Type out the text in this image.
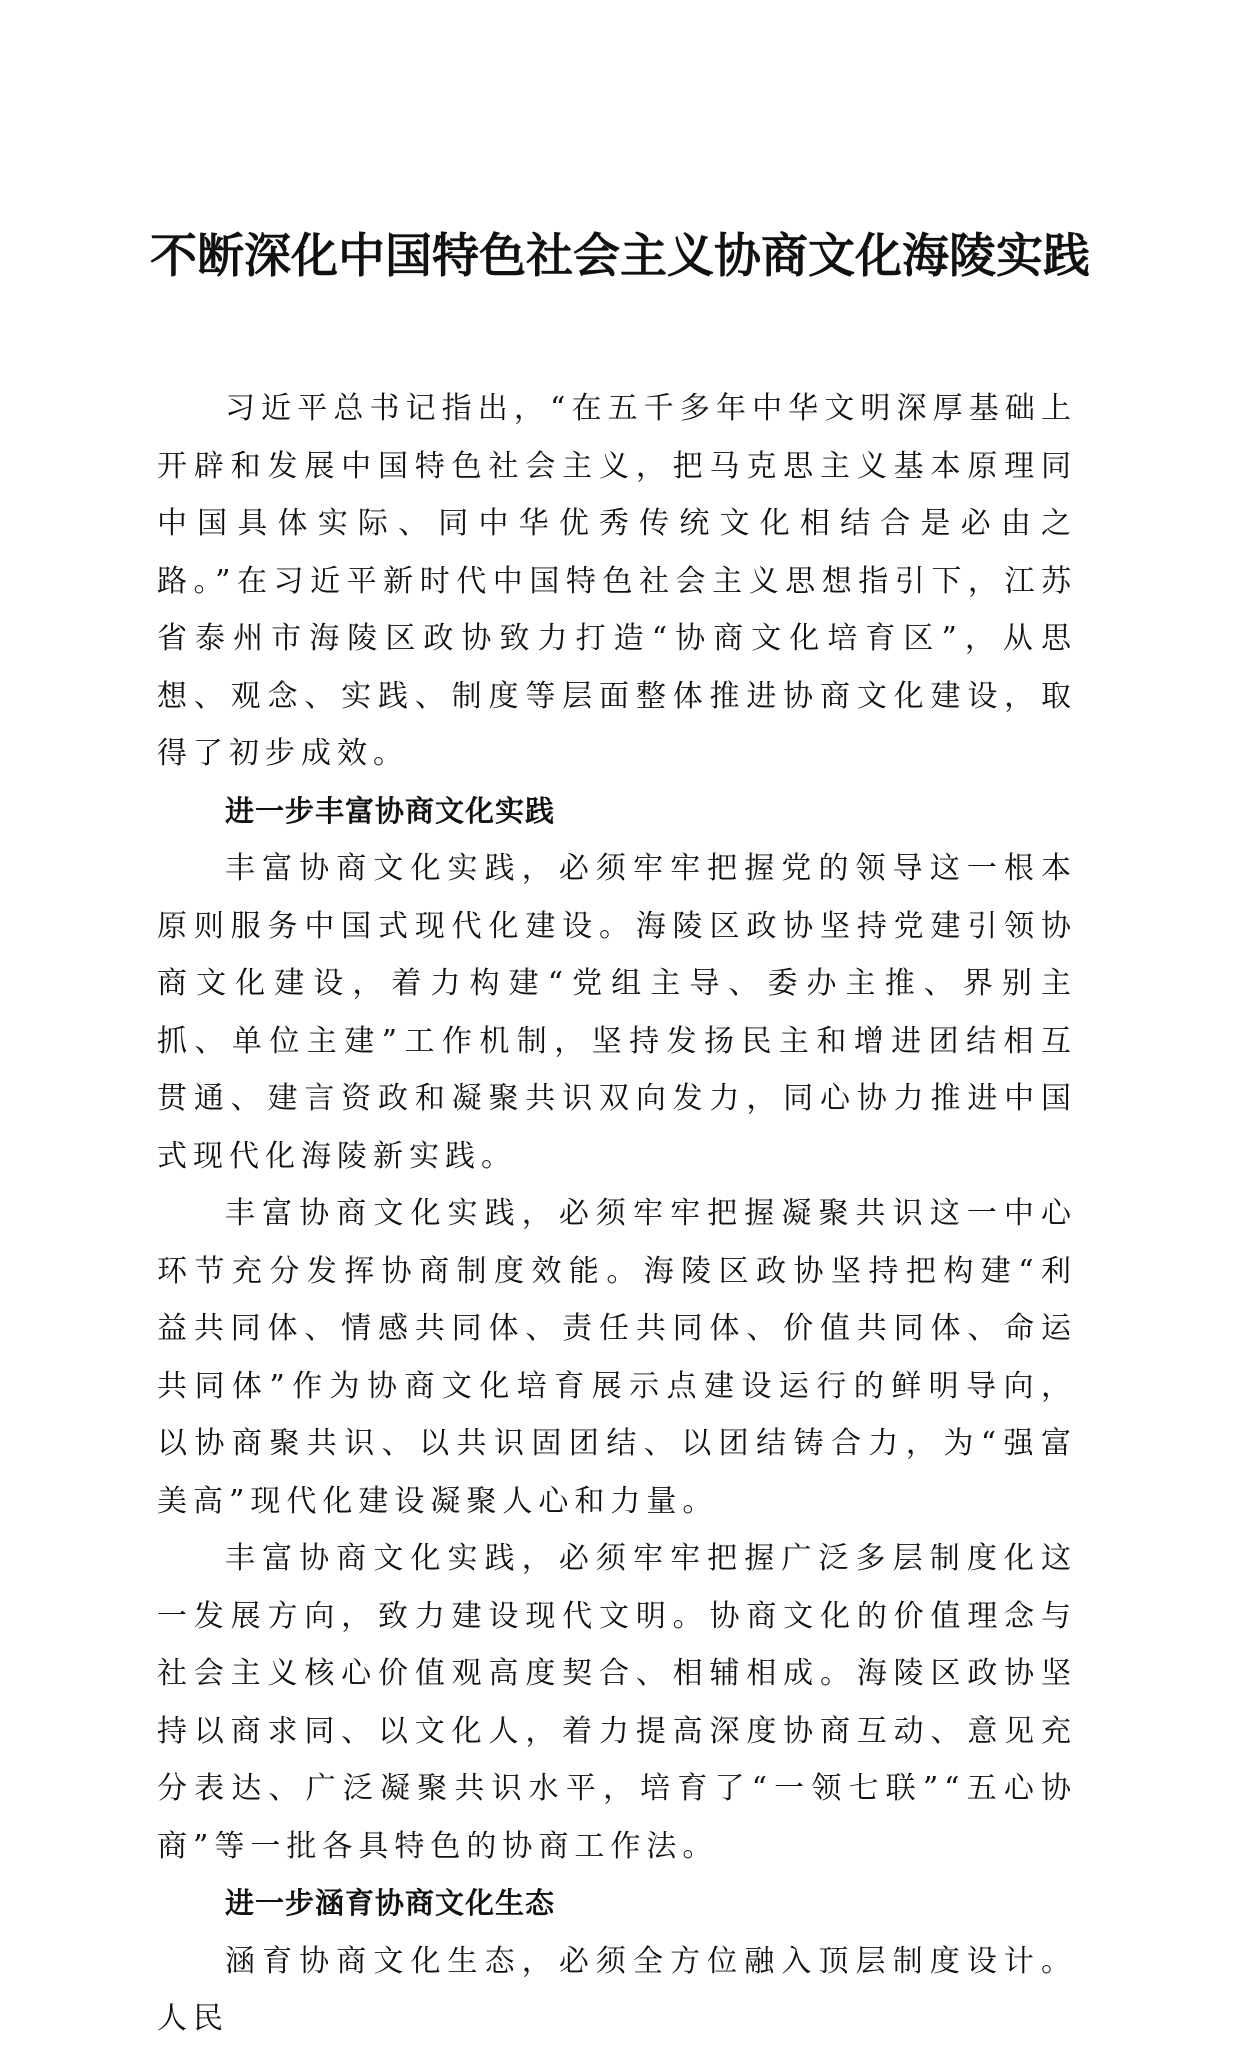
不断深化中国特色社会主义协商文化海陵实践

习近平总书记指出，“在五千多年中华文明深厚基础上开辟和发展中国特色社会主义，把马克思主义基本原理同中国具体实际、同中华优秀传统文化相结合是必由之路。”在习近平新时代中国特色社会主义思想指引下，江苏省泰州市海陵区政协致力打造“协商文化培育区”，从思想、观念、实践、制度等层面整体推进协商文化建设，取得了初步成效。

进一步丰富协商文化实践

丰富协商文化实践，必须牢牢把握党的领导这一根本原则服务中国式现代化建设。海陵区政协坚持党建引领协商文化建设，着力构建“党组主导、委办主推、界别主抓、单位主建”工作机制，坚持发扬民主和增进团结相互贯通、建言资政和凝聚共识双向发力，同心协力推进中国式现代化海陵新实践。

丰富协商文化实践，必须牢牢把握凝聚共识这一中心环节充分发挥协商制度效能。海陵区政协坚持把构建“利益共同体、情感共同体、责任共同体、价值共同体、命运共同体”作为协商文化培育展示点建设运行的鲜明导向，以协商聚共识、以共识固团结、以团结铸合力，为“强富美高”现代化建设凝聚人心和力量。

丰富协商文化实践，必须牢牢把握广泛多层制度化这一发展方向，致力建设现代文明。协商文化的价值理念与社会主义核心价值观高度契合、相辅相成。海陵区政协坚持以商求同、以文化人，着力提高深度协商互动、意见充分表达、广泛凝聚共识水平，培育了“一领七联”“五心协商”等一批各具特色的协商工作法。

进一步涵育协商文化生态

涵育协商文化生态，必须全方位融入顶层制度设计。人民
